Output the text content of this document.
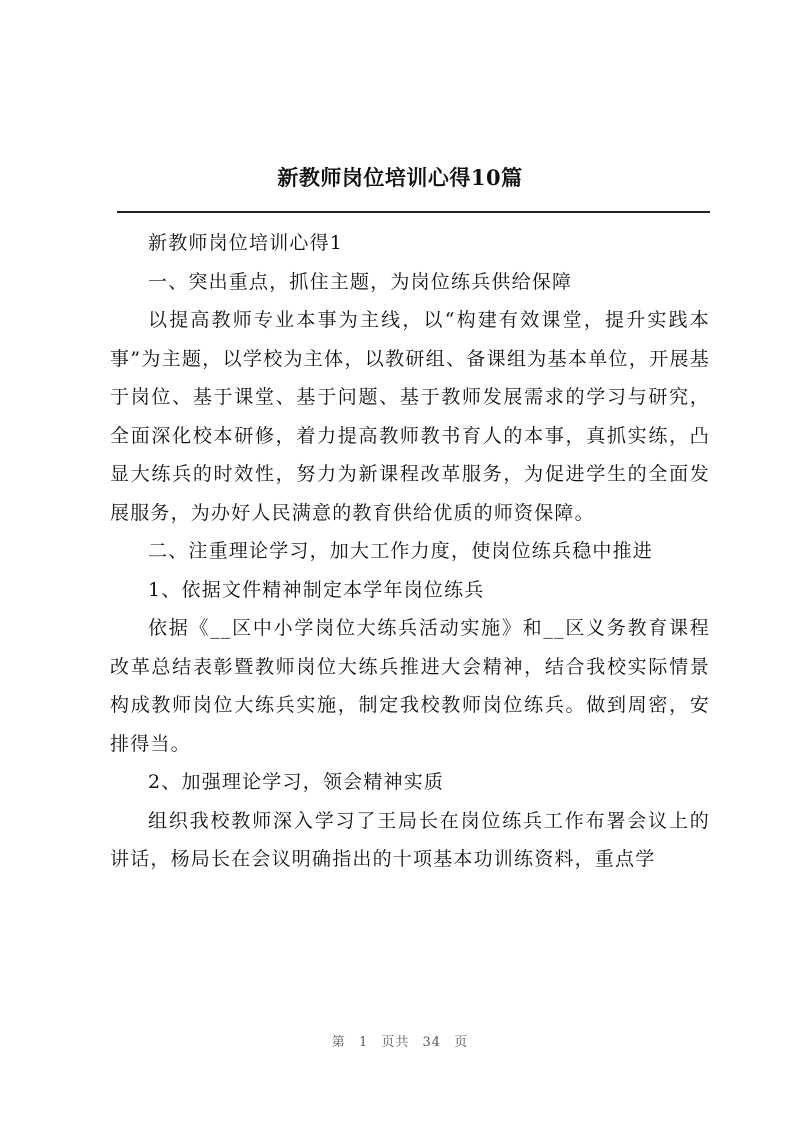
新教师岗位培训心得10篇

新教师岗位培训心得1

一、突出重点，抓住主题，为岗位练兵供给保障

以提高教师专业本事为主线，以“构建有效课堂，提升实践本事”为主题，以学校为主体，以教研组、备课组为基本单位，开展基于岗位、基于课堂、基于问题、基于教师发展需求的学习与研究，全面深化校本研修，着力提高教师教书育人的本事，真抓实练，凸显大练兵的时效性，努力为新课程改革服务，为促进学生的全面发展服务，为办好人民满意的教育供给优质的师资保障。

二、注重理论学习，加大工作力度，使岗位练兵稳中推进

1、依据文件精神制定本学年岗位练兵

依据《__区中小学岗位大练兵活动实施》和__区义务教育课程改革总结表彰暨教师岗位大练兵推进大会精神，结合我校实际情景构成教师岗位大练兵实施，制定我校教师岗位练兵。做到周密，安排得当。

2、加强理论学习，领会精神实质

组织我校教师深入学习了王局长在岗位练兵工作布署会议上的讲话，杨局长在会议明确指出的十项基本功训练资料，重点学

第 1 页共 34 页
